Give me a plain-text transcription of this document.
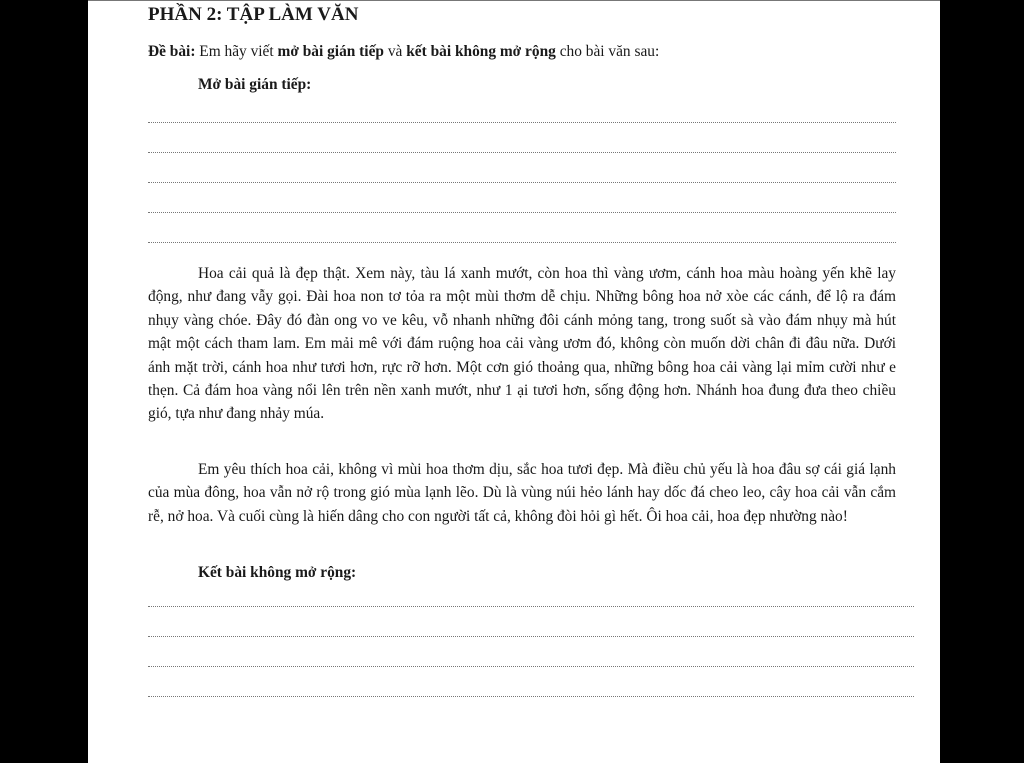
PHẦN 2: TẬP LÀM VĂN
Đề bài: Em hãy viết mở bài gián tiếp và kết bài không mở rộng cho bài văn sau:
Mở bài gián tiếp:

Hoa cải quả là đẹp thật. Xem này, tàu lá xanh mướt, còn hoa thì vàng ươm, cánh hoa màu hoàng yến khẽ lay động, như đang vẫy gọi. Đài hoa non tơ tỏa ra một mùi thơm dễ chịu. Những bông hoa nở xòe các cánh, để lộ ra đám nhụy vàng chóe. Đây đó đàn ong vo ve kêu, vỗ nhanh những đôi cánh mỏng tang, trong suốt sà vào đám nhụy mà hút mật một cách tham lam. Em mải mê với đám ruộng hoa cải vàng ươm đó, không còn muốn dời chân đi đâu nữa. Dưới ánh mặt trời, cánh hoa như tươi hơn, rực rỡ hơn. Một cơn gió thoảng qua, những bông hoa cải vàng lại mỉm cười như e thẹn. Cả đám hoa vàng nổi lên trên nền xanh mướt, như 1 ại tươi hơn, sống động hơn. Nhánh hoa đung đưa theo chiều gió, tựa như đang nhảy múa.

Em yêu thích hoa cải, không vì mùi hoa thơm dịu, sắc hoa tươi đẹp. Mà điều chủ yếu là hoa đâu sợ cái giá lạnh của mùa đông, hoa vẫn nở rộ trong gió mùa lạnh lẽo. Dù là vùng núi hẻo lánh hay dốc đá cheo leo, cây hoa cải vẫn cắm rễ, nở hoa. Và cuối cùng là hiến dâng cho con người tất cả, không đòi hỏi gì hết. Ôi hoa cải, hoa đẹp nhường nào!

Kết bài không mở rộng:
